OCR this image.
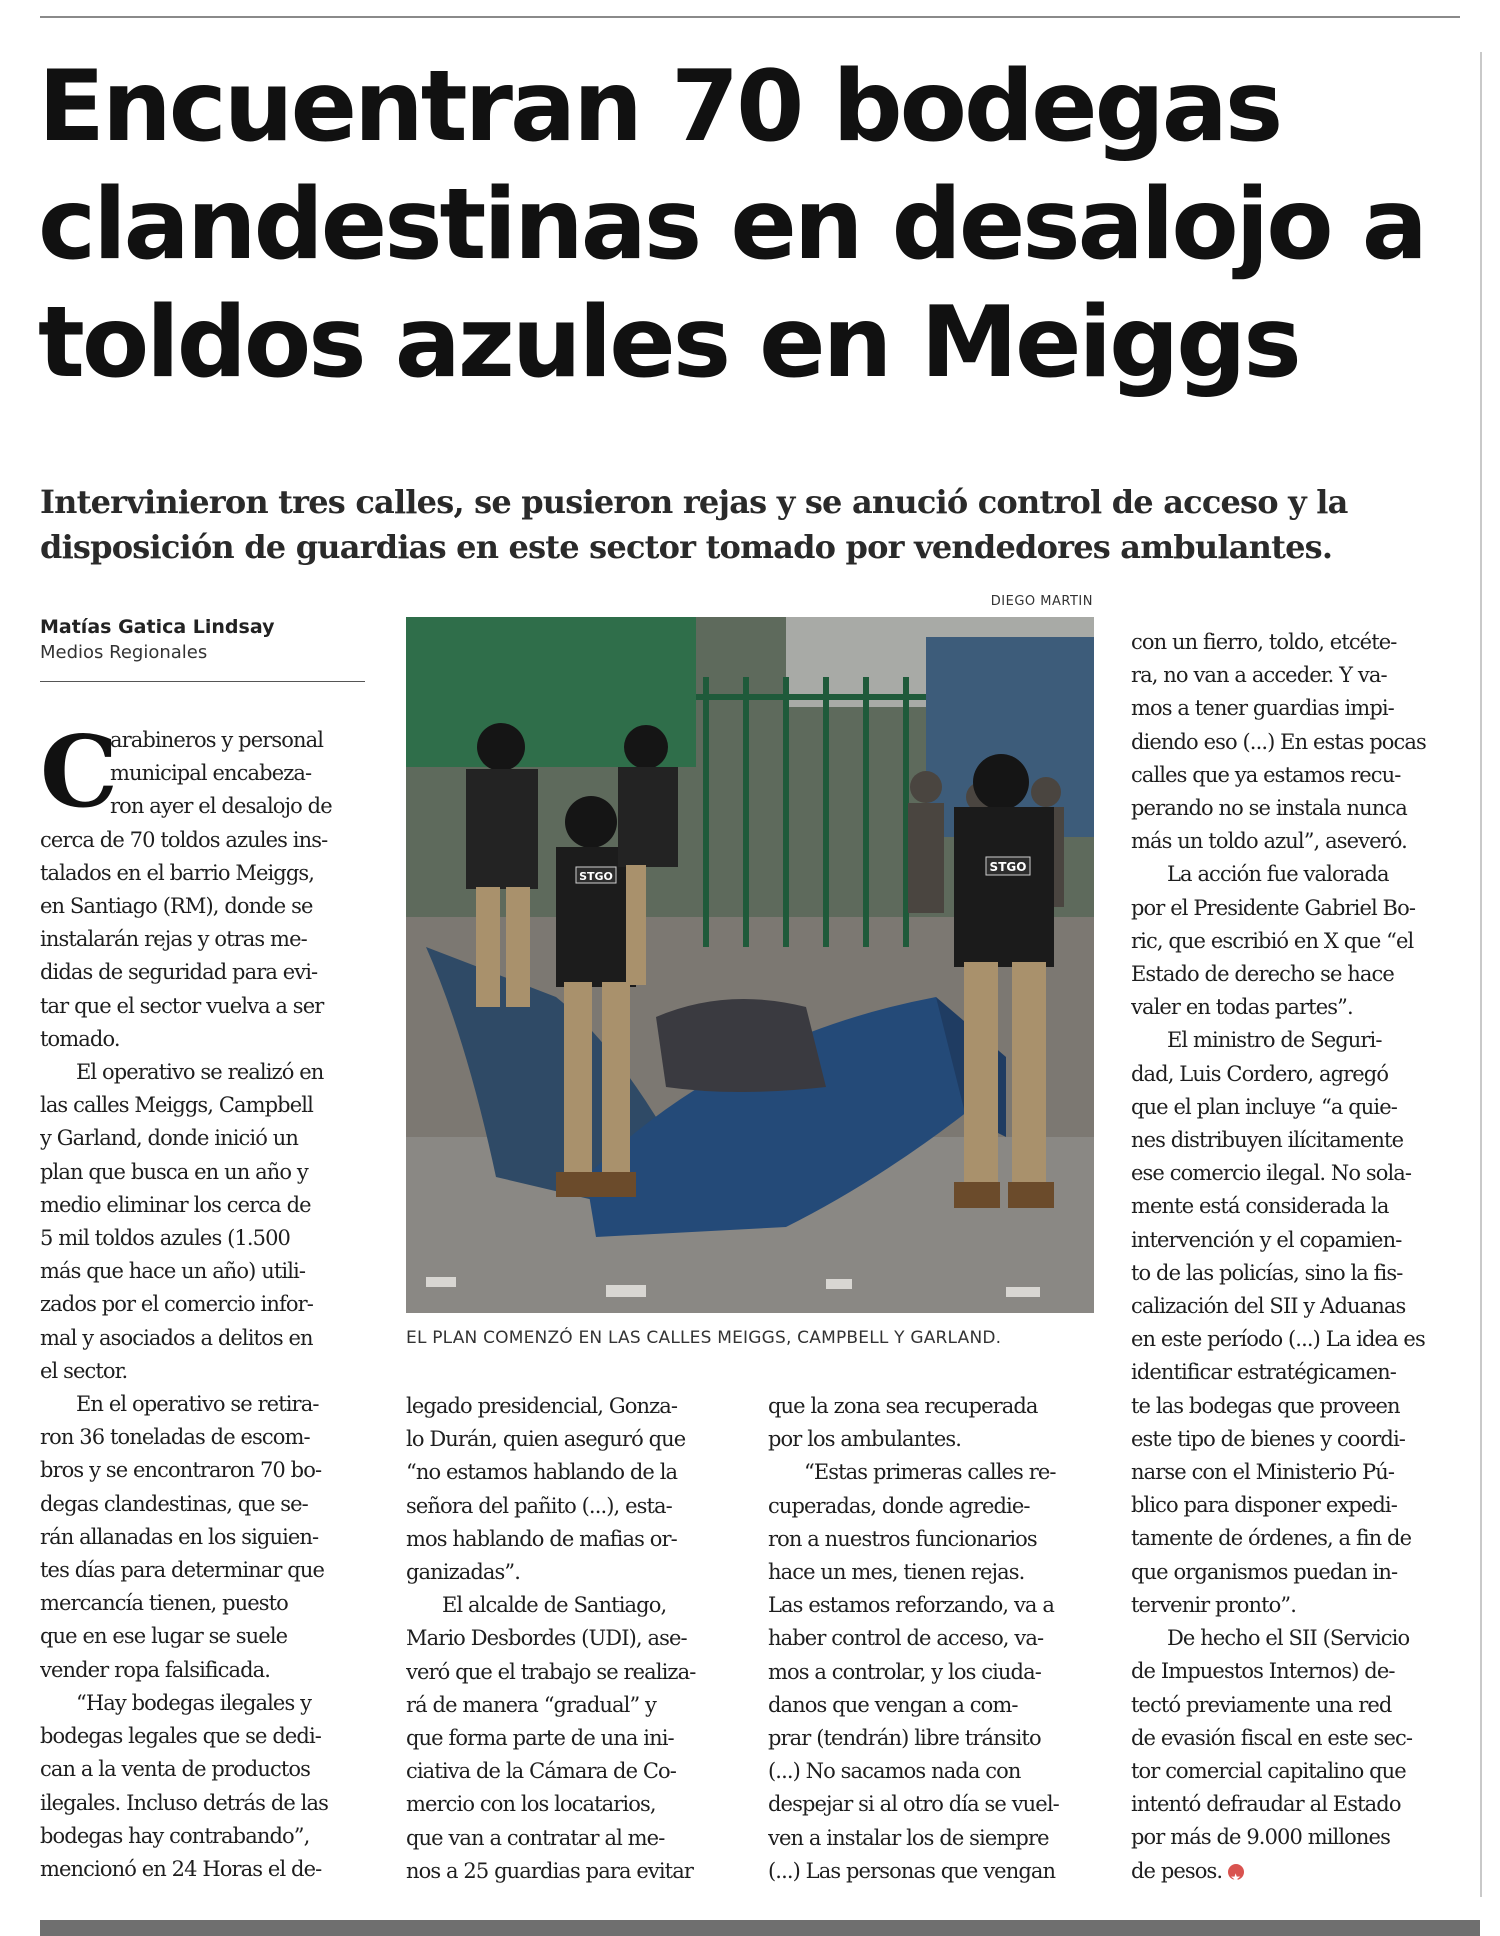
Encuentran 70 bodegas
clandestinas en desalojo a
toldos azules en Meiggs
Intervinieron tres calles, se pusieron rejas y se anució control de acceso y la
disposición de guardias en este sector tomado por vendedores ambulantes.
Matías Gatica Lindsay
Medios Regionales
C
DIEGO MARTIN
STGO
STGO
EL PLAN COMENZÓ EN LAS CALLES MEIGGS, CAMPBELL Y GARLAND.

arabineros y personal
municipal encabeza-
ron ayer el desalojo de
cerca de 70 toldos azules ins-
talados en el barrio Meiggs,
en Santiago (RM), donde se
instalarán rejas y otras me-
didas de seguridad para evi-
tar que el sector vuelva a ser
tomado.

El operativo se realizó en
las calles Meiggs, Campbell
y Garland, donde inició un
plan que busca en un año y
medio eliminar los cerca de
5 mil toldos azules (1.500
más que hace un año) utili-
zados por el comercio infor-
mal y asociados a delitos en
el sector.

En el operativo se retira-
ron 36 toneladas de escom-
bros y se encontraron 70 bo-
degas clandestinas, que se-
rán allanadas en los siguien-
tes días para determinar que
mercancía tienen, puesto
que en ese lugar se suele
vender ropa falsificada.

“Hay bodegas ilegales y
bodegas legales que se dedi-
can a la venta de productos
ilegales. Incluso detrás de las
bodegas hay contrabando”,
mencionó en 24 Horas el de-

legado presidencial, Gonza-
lo Durán, quien aseguró que
“no estamos hablando de la
señora del pañito (...), esta-
mos hablando de mafias or-
ganizadas”.

El alcalde de Santiago,
Mario Desbordes (UDI), ase-
veró que el trabajo se realiza-
rá de manera “gradual” y
que forma parte de una ini-
ciativa de la Cámara de Co-
mercio con los locatarios,
que van a contratar al me-
nos a 25 guardias para evitar

que la zona sea recuperada
por los ambulantes.

“Estas primeras calles re-
cuperadas, donde agredie-
ron a nuestros funcionarios
hace un mes, tienen rejas.
Las estamos reforzando, va a
haber control de acceso, va-
mos a controlar, y los ciuda-
danos que vengan a com-
prar (tendrán) libre tránsito
(...) No sacamos nada con
despejar si al otro día se vuel-
ven a instalar los de siempre
(...) Las personas que vengan

con un fierro, toldo, etcéte-
ra, no van a acceder. Y va-
mos a tener guardias impi-
diendo eso (...) En estas pocas
calles que ya estamos recu-
perando no se instala nunca
más un toldo azul”, aseveró.

La acción fue valorada
por el Presidente Gabriel Bo-
ric, que escribió en X que “el
Estado de derecho se hace
valer en todas partes”.

El ministro de Seguri-
dad, Luis Cordero, agregó
que el plan incluye “a quie-
nes distribuyen ilícitamente
ese comercio ilegal. No sola-
mente está considerada la
intervención y el copamien-
to de las policías, sino la fis-
calización del SII y Aduanas
en este período (...) La idea es
identificar estratégicamen-
te las bodegas que proveen
este tipo de bienes y coordi-
narse con el Ministerio Pú-
blico para disponer expedi-
tamente de órdenes, a fin de
que organismos puedan in-
tervenir pronto”.

De hecho el SII (Servicio
de Impuestos Internos) de-
tectó previamente una red
de evasión fiscal en este sec-
tor comercial capitalino que
intentó defraudar al Estado
por más de 9.000 millones
de pesos.★
